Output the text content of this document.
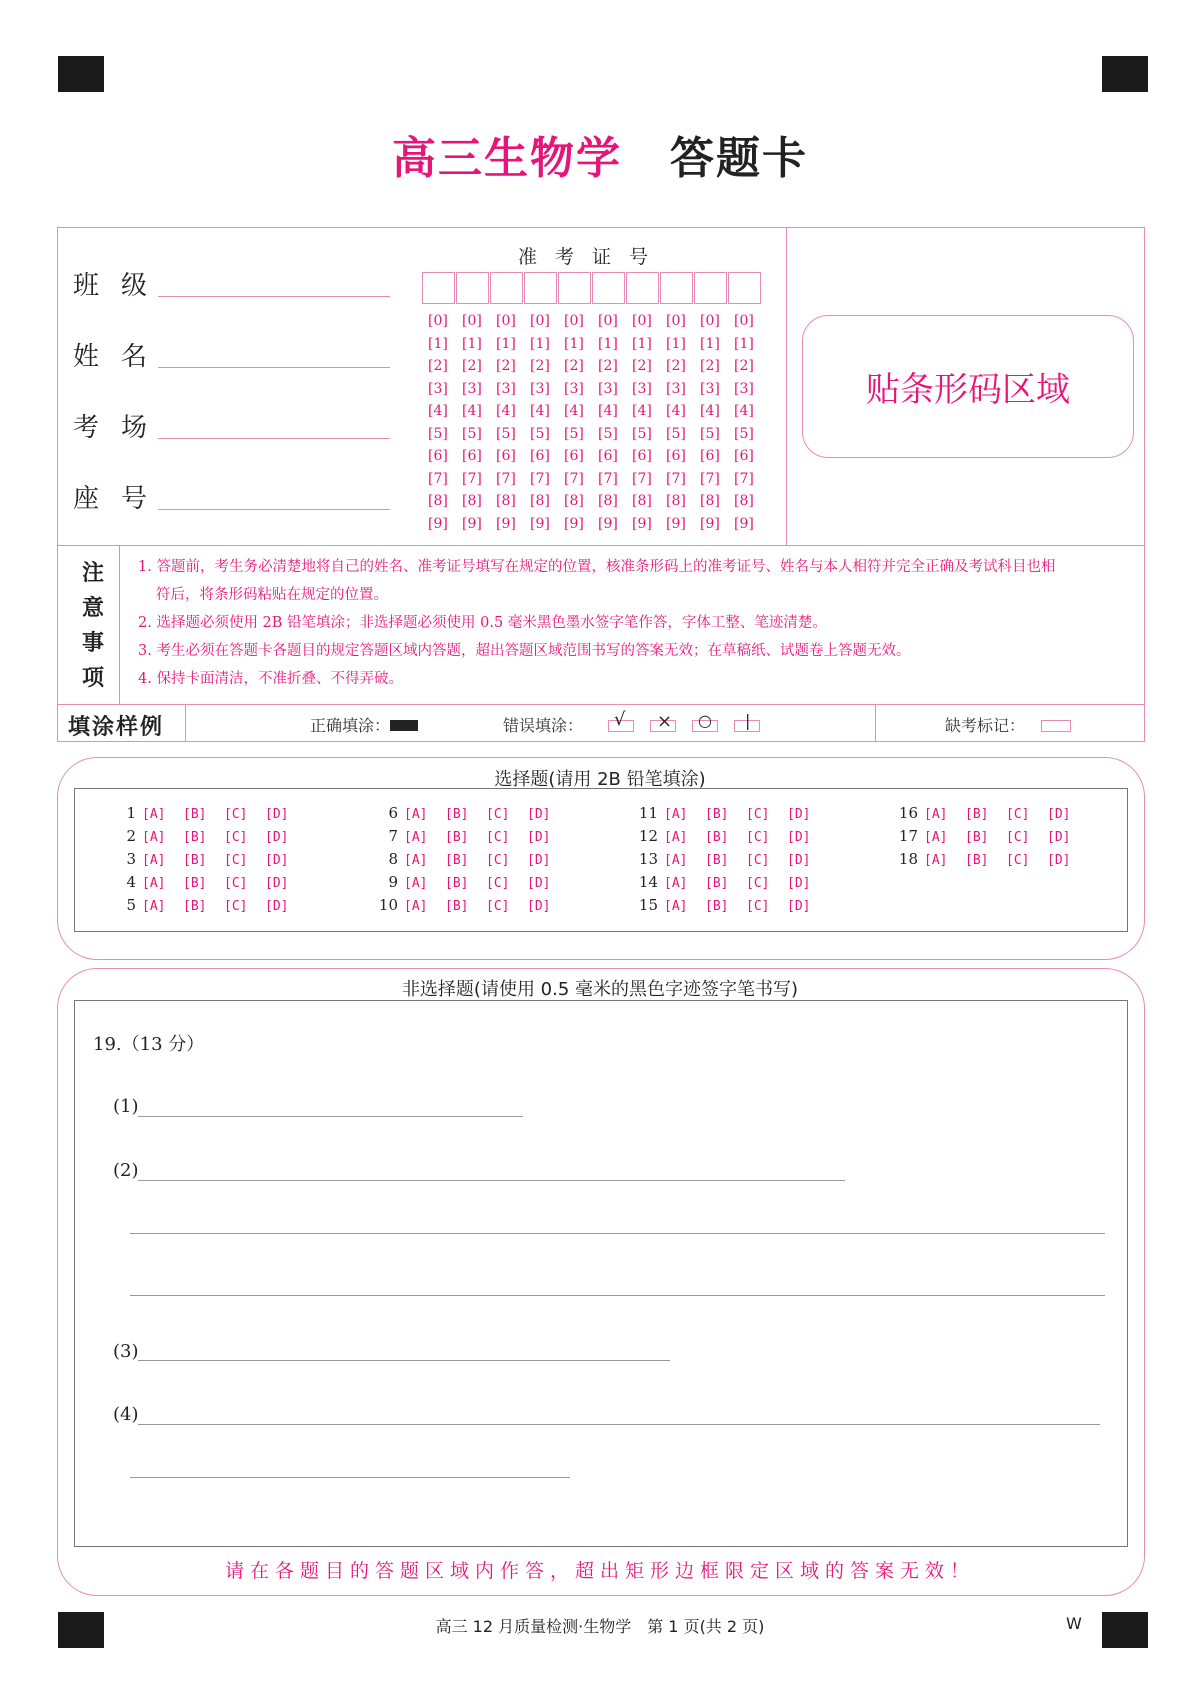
高三生物学 答题卡
班级
姓名
考场
座号
准考证号
[0]	[0]	[0]	[0]	[0]	[0]	[0]	[0]	[0]	[0]
[1]	[1]	[1]	[1]	[1]	[1]	[1]	[1]	[1]	[1]
[2]	[2]	[2]	[2]	[2]	[2]	[2]	[2]	[2]	[2]
[3]	[3]	[3]	[3]	[3]	[3]	[3]	[3]	[3]	[3]
[4]	[4]	[4]	[4]	[4]	[4]	[4]	[4]	[4]	[4]
[5]	[5]	[5]	[5]	[5]	[5]	[5]	[5]	[5]	[5]
[6]	[6]	[6]	[6]	[6]	[6]	[6]	[6]	[6]	[6]
[7]	[7]	[7]	[7]	[7]	[7]	[7]	[7]	[7]	[7]
[8]	[8]	[8]	[8]	[8]	[8]	[8]	[8]	[8]	[8]
[9]	[9]	[9]	[9]	[9]	[9]	[9]	[9]	[9]	[9]
贴条形码区域
注
意
事
项
1. 答题前，考生务必清楚地将自己的姓名、准考证号填写在规定的位置，核准条形码上的准考证号、姓名与本人相符并完全正确及考试科目也相
符后，将条形码粘贴在规定的位置。
2. 选择题必须使用 2B 铅笔填涂；非选择题必须使用 0.5 毫米黑色墨水签字笔作答，字体工整、笔迹清楚。
3. 考生必须在答题卡各题目的规定答题区域内答题，超出答题区域范围书写的答案无效；在草稿纸、试题卷上答题无效。
4. 保持卡面清洁，不准折叠、不得弄破。
填涂样例	正确填涂：	错误填涂： √ × ○ |	缺考标记：
选择题(请用 2B 铅笔填涂)
1 [A] [B] [C] [D]
2 [A] [B] [C] [D]
3 [A] [B] [C] [D]
4 [A] [B] [C] [D]
5 [A] [B] [C] [D]
6 [A] [B] [C] [D]
7 [A] [B] [C] [D]
8 [A] [B] [C] [D]
9 [A] [B] [C] [D]
10 [A] [B] [C] [D]
11 [A] [B] [C] [D]
12 [A] [B] [C] [D]
13 [A] [B] [C] [D]
14 [A] [B] [C] [D]
15 [A] [B] [C] [D]
16 [A] [B] [C] [D]
17 [A] [B] [C] [D]
18 [A] [B] [C] [D]
非选择题(请使用 0.5 毫米的黑色字迹签字笔书写)
19.（13 分）
(1)
(2)
(3)
(4)
请在各题目的答题区域内作答，超出矩形边框限定区域的答案无效！
高三 12 月质量检测·生物学　第 1 页(共 2 页)	W
